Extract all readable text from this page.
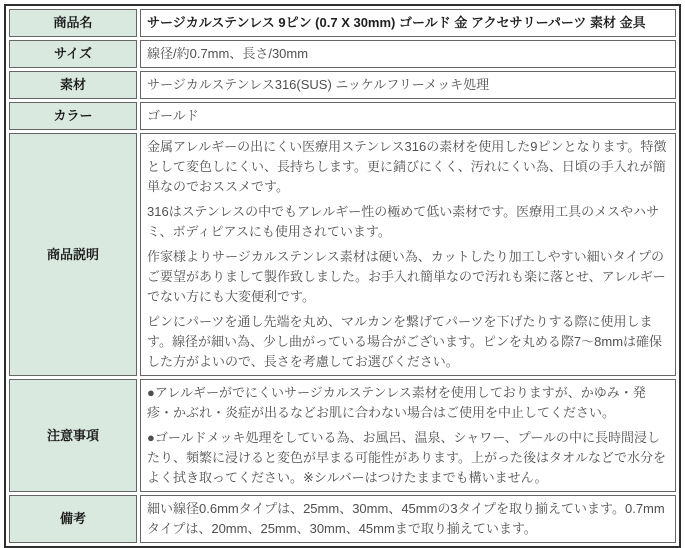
商品名	サージカルステンレス 9ピン (0.7 X 30mm) ゴールド 金 アクセサリーパーツ 素材 金具

サイズ	線径/約0.7mm、長さ/30mm

素材	サージカルステンレス316(SUS) ニッケルフリーメッキ処理

カラー	ゴールド

商品説明	金属アレルギーの出にくい医療用ステンレス316の素材を使用した9ピンとなります。特徴として変色しにくい、長持ちします。更に錆びにくく、汚れにくい為、日頃の手入れが簡単なのでおススメです。

316はステンレスの中でもアレルギー性の極めて低い素材です。医療用工具のメスやハサミ、ボディピアスにも使用されています。

作家様よりサージカルステンレス素材は硬い為、カットしたり加工しやすい細いタイプのご要望がありまして製作致しました。お手入れ簡単なので汚れも楽に落とせ、アレルギーでない方にも大変便利です。

ピンにパーツを通し先端を丸め、マルカンを繋げてパーツを下げたりする際に使用します。線径が細い為、少し曲がっている場合がございます。ピンを丸める際7～8mmは確保した方がよいので、長さを考慮してお選びください。

注意事項	●アレルギーがでにくいサージカルステンレス素材を使用しておりますが、かゆみ・発疹・かぶれ・炎症が出るなどお肌に合わない場合はご使用を中止してください。

●ゴールドメッキ処理をしている為、お風呂、温泉、シャワー、プールの中に長時間浸したり、頻繁に浸けると変色が早まる可能性があります。上がった後はタオルなどで水分をよく拭き取ってください。※シルバーはつけたままでも構いません。

備考	細い線径0.6mmタイプは、25mm、30mm、45mmの3タイプを取り揃えています。0.7mmタイプは、20mm、25mm、30mm、45mmまで取り揃えています。
